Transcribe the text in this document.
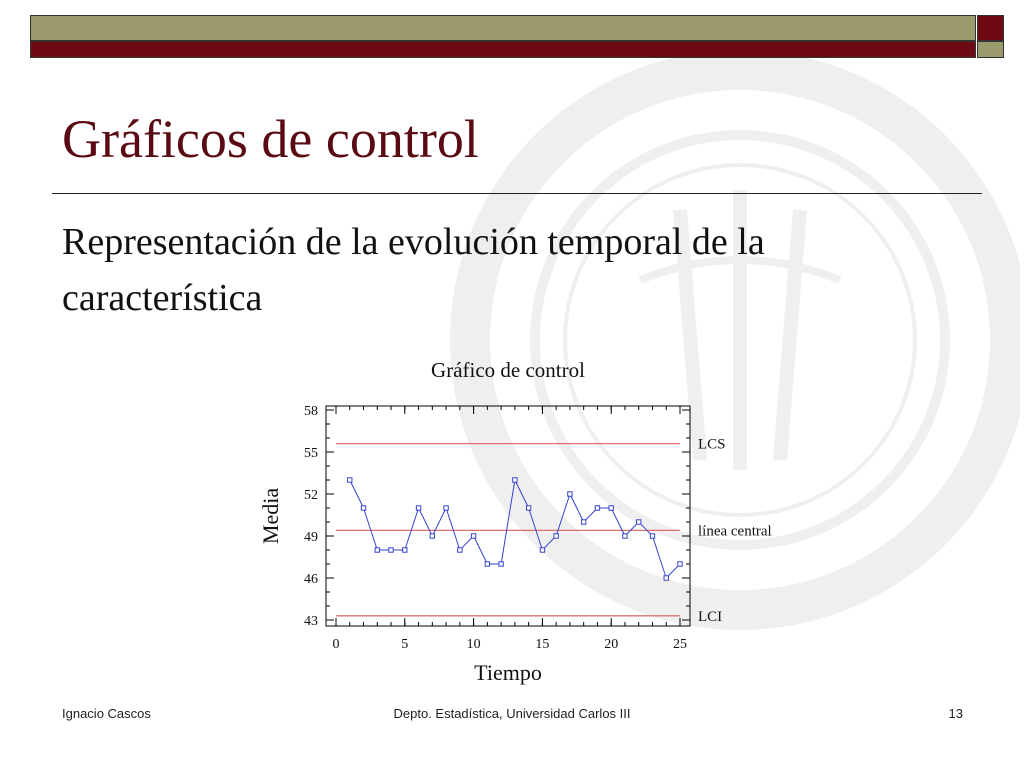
Gráficos de control
Representación de la evolución temporal de la
característica
Gráfico de control
43
46
49
52
55
58
0	5	10	15	20	25
LCS
línea central
LCI
Tiempo
Media
Ignacio Cascos	Depto. Estadística, Universidad Carlos III	13
